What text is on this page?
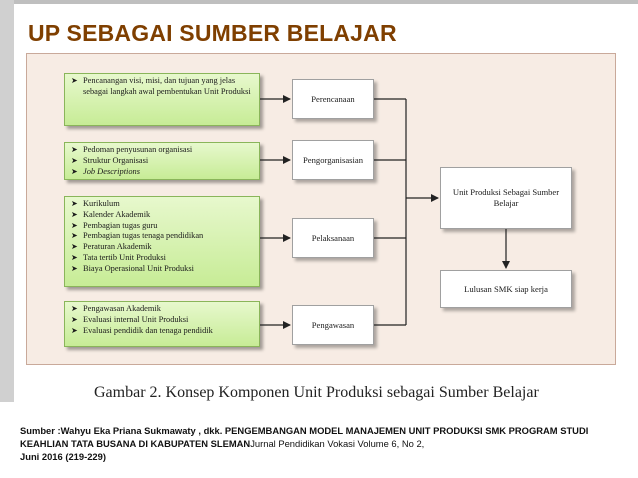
UP SEBAGAI SUMBER BELAJAR
➤ Pencanangan visi, misi, dan tujuan yang jelas sebagai langkah awal pembentukan Unit Produksi
➤ Pedoman penyusunan organisasi
➤ Struktur Organisasi
➤ Job Descriptions
➤ Kurikulum
➤ Kalender Akademik
➤ Pembagian tugas guru
➤ Pembagian tugas tenaga pendidikan
➤ Peraturan Akademik
➤ Tata tertib Unit Produksi
➤ Biaya Operasional Unit Produksi
➤ Pengawasan Akademik
➤ Evaluasi internal Unit Produksi
➤ Evaluasi pendidik dan tenaga pendidik
Perencanaan
Pengorganisasian
Pelaksanaan
Pengawasan
Unit Produksi Sebagai Sumber Belajar
Lulusan SMK siap kerja
Gambar 2. Konsep Komponen Unit Produksi sebagai Sumber Belajar
Sumber :Wahyu Eka Priana Sukmawaty , dkk. PENGEMBANGAN MODEL MANAJEMEN UNIT PRODUKSI SMK PROGRAM STUDI KEAHLIAN TATA BUSANA DI KABUPATEN SLEMANJurnal Pendidikan Vokasi Volume 6, No 2,
Juni 2016 (219-229)
